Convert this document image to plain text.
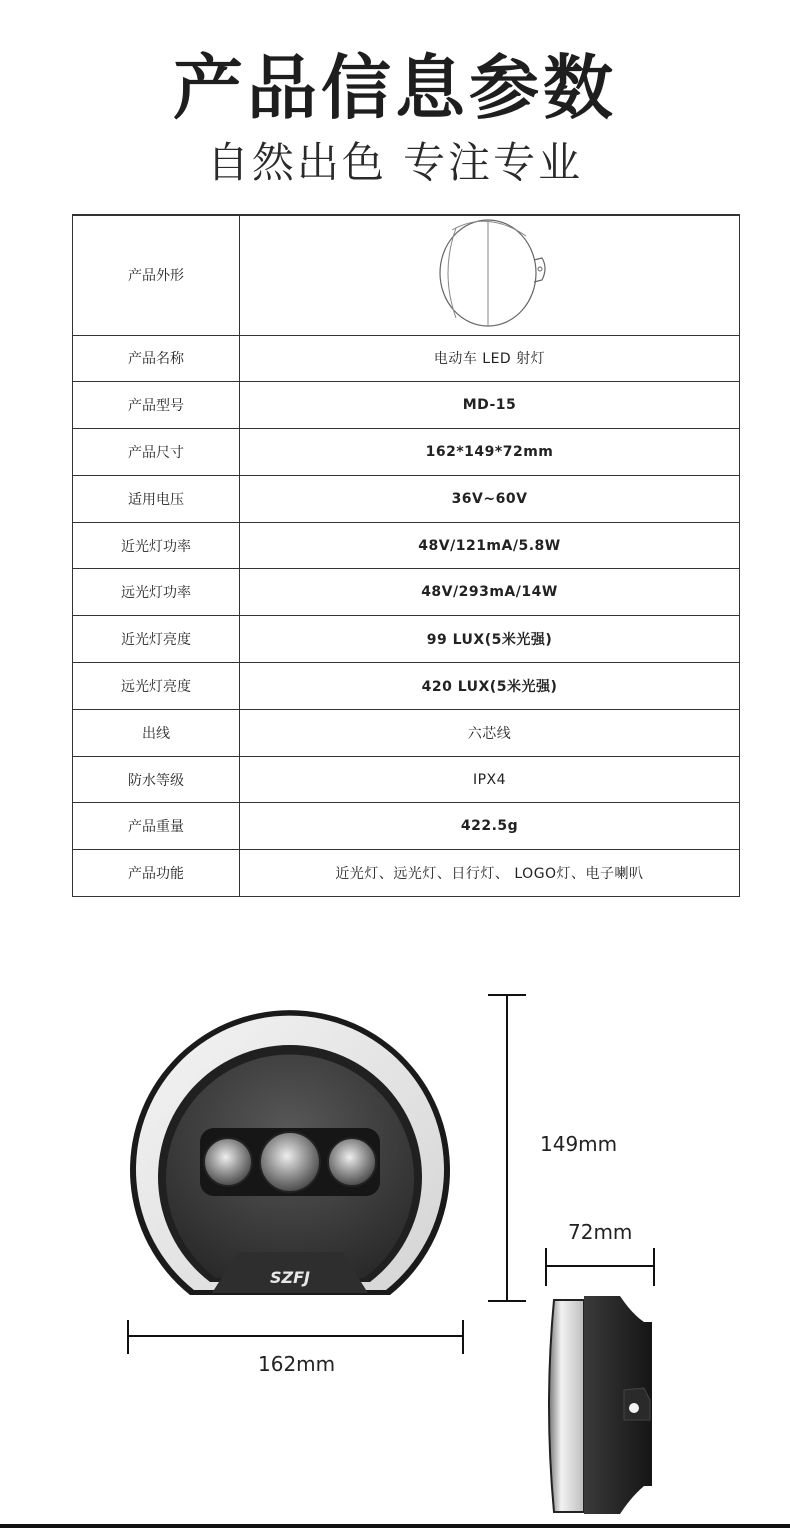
产品信息参数
自然出色 专注专业
产品外形	
产品名称	电动车 LED 射灯
产品型号	MD-15
产品尺寸	162*149*72mm
适用电压	36V~60V
近光灯功率	48V/121mA/5.8W
远光灯功率	48V/293mA/14W
近光灯亮度	99 LUX(5米光强)
远光灯亮度	420 LUX(5米光强)
出线	六芯线
防水等级	IPX4
产品重量	422.5g
产品功能	近光灯、远光灯、日行灯、 LOGO灯、电子喇叭
SZFJ
162mm
149mm
72mm
